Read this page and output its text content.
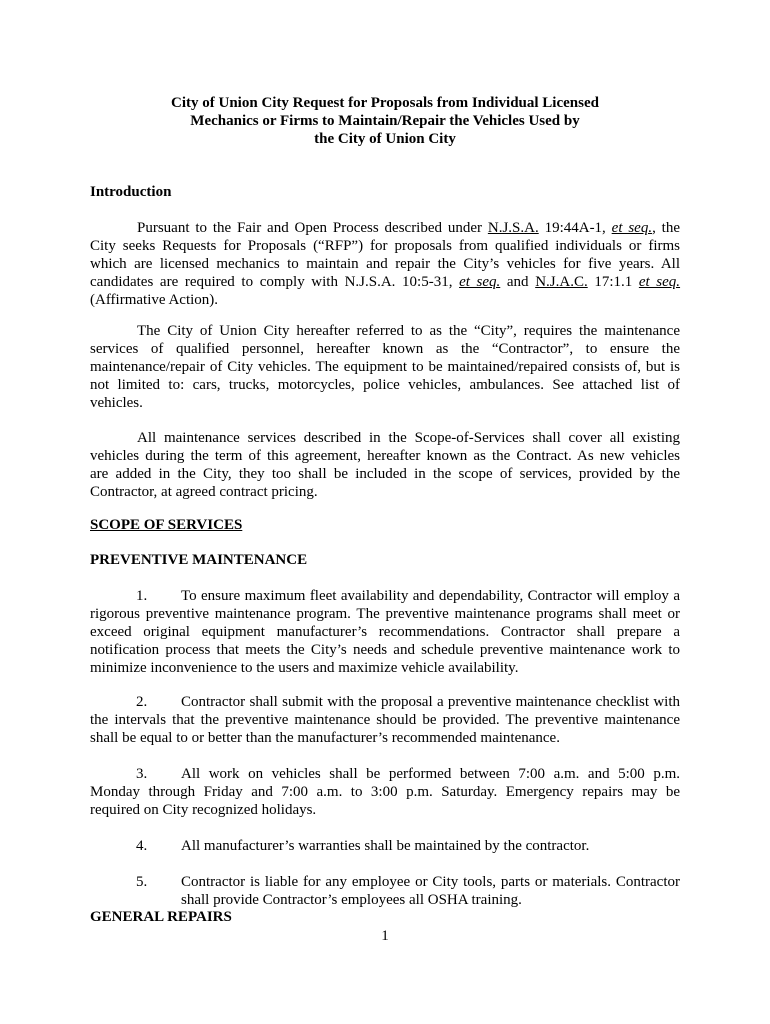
City of Union City Request for Proposals from Individual Licensed
Mechanics or Firms to Maintain/Repair the Vehicles Used by
the City of Union City
Introduction
Pursuant to the Fair and Open Process described under N.J.S.A. 19:44A-1, et seq., the
City seeks Requests for Proposals (“RFP”) for proposals from qualified individuals or firms
which are licensed mechanics to maintain and repair the City’s vehicles for five years. All
candidates are required to comply with N.J.S.A. 10:5-31, et seq. and N.J.A.C. 17:1.1 et seq.
(Affirmative Action).
The City of Union City hereafter referred to as the “City”, requires the maintenance
services of qualified personnel, hereafter known as the “Contractor”, to ensure the
maintenance/repair of City vehicles. The equipment to be maintained/repaired consists of, but is
not limited to: cars, trucks, motorcycles, police vehicles, ambulances. See attached list of
vehicles.
All maintenance services described in the Scope-of-Services shall cover all existing
vehicles during the term of this agreement, hereafter known as the Contract. As new vehicles
are added in the City, they too shall be included in the scope of services, provided by the
Contractor, at agreed contract pricing.
SCOPE OF SERVICES
PREVENTIVE MAINTENANCE
1. To ensure maximum fleet availability and dependability, Contractor will employ a
rigorous preventive maintenance program. The preventive maintenance programs shall meet or
exceed original equipment manufacturer’s recommendations. Contractor shall prepare a
notification process that meets the City’s needs and schedule preventive maintenance work to
minimize inconvenience to the users and maximize vehicle availability.
2. Contractor shall submit with the proposal a preventive maintenance checklist with
the intervals that the preventive maintenance should be provided. The preventive maintenance
shall be equal to or better than the manufacturer’s recommended maintenance.
3. All work on vehicles shall be performed between 7:00 a.m. and 5:00 p.m.
Monday through Friday and 7:00 a.m. to 3:00 p.m. Saturday. Emergency repairs may be
required on City recognized holidays.
4. All manufacturer’s warranties shall be maintained by the contractor.
5. Contractor is liable for any employee or City tools, parts or materials. Contractor
shall provide Contractor’s employees all OSHA training.
GENERAL REPAIRS
1
